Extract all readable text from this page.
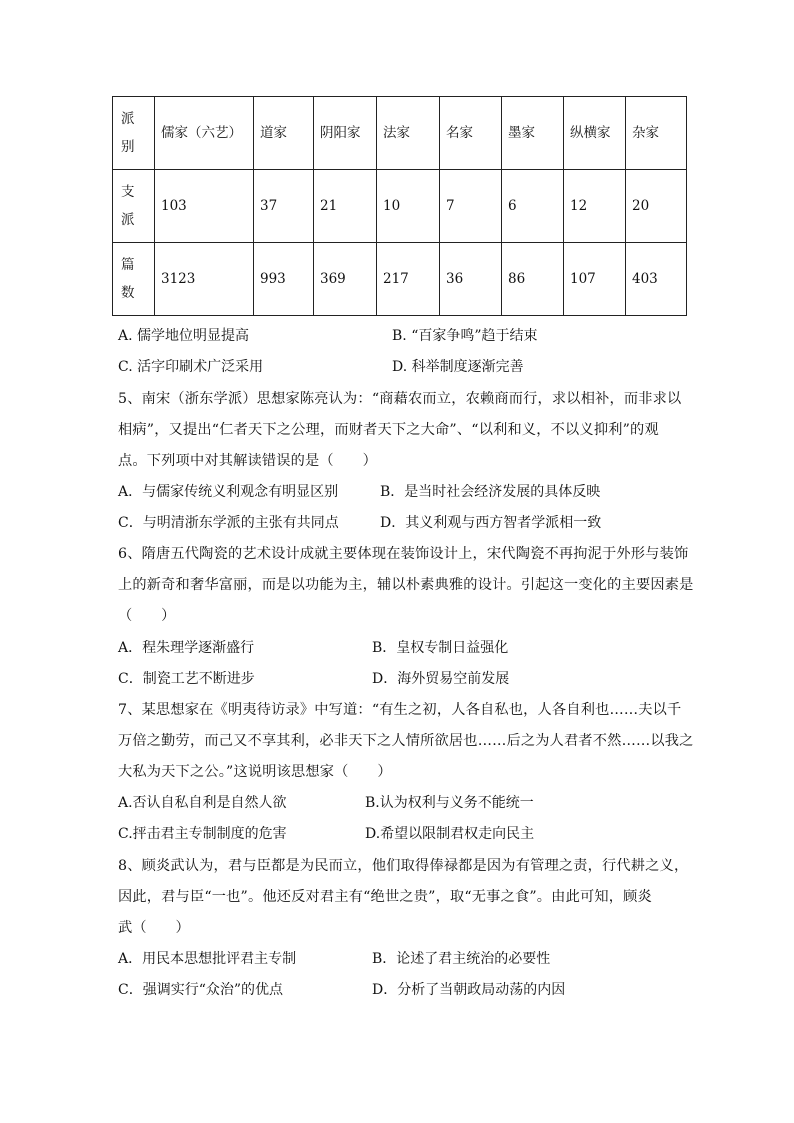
派
别	儒家（六艺）	道家	阴阳家	法家	名家	墨家	纵横家	杂家
支
派	103	37	21	10	7	6	12	20
篇
数	3123	993	369	217	36	86	107	403
A. 儒学地位明显提高	B. “百家争鸣”趋于结束
C. 活字印刷术广泛采用	D. 科举制度逐渐完善
5、南宋（浙东学派）思想家陈亮认为：“商藉农而立，农赖商而行，求以相补，而非求以
相病”，又提出“仁者天下之公理，而财者天下之大命”、“以利和义，不以义抑利”的观
点。下列项中对其解读错误的是（　　）
A．与儒家传统义利观念有明显区别	B．是当时社会经济发展的具体反映
C．与明清浙东学派的主张有共同点	D．其义利观与西方智者学派相一致
6、隋唐五代陶瓷的艺术设计成就主要体现在装饰设计上，宋代陶瓷不再拘泥于外形与装饰
上的新奇和奢华富丽，而是以功能为主，辅以朴素典雅的设计。引起这一变化的主要因素是
（　　）
A．程朱理学逐渐盛行	B．皇权专制日益强化
C．制瓷工艺不断进步	D．海外贸易空前发展
7、某思想家在《明夷待访录》中写道：“有生之初，人各自私也，人各自利也……夫以千
万倍之勤劳，而己又不享其利，必非天下之人情所欲居也……后之为人君者不然……以我之
大私为天下之公。”这说明该思想家（　　）
A.否认自私自利是自然人欲	B.认为权利与义务不能统一
C.抨击君主专制制度的危害	D.希望以限制君权走向民主
8、顾炎武认为，君与臣都是为民而立，他们取得俸禄都是因为有管理之责，行代耕之义，
因此，君与臣“一也”。他还反对君主有“绝世之贵”，取“无事之食”。由此可知，顾炎
武（　　）
A．用民本思想批评君主专制	B．论述了君主统治的必要性
C．强调实行“众治”的优点	D．分析了当朝政局动荡的内因
